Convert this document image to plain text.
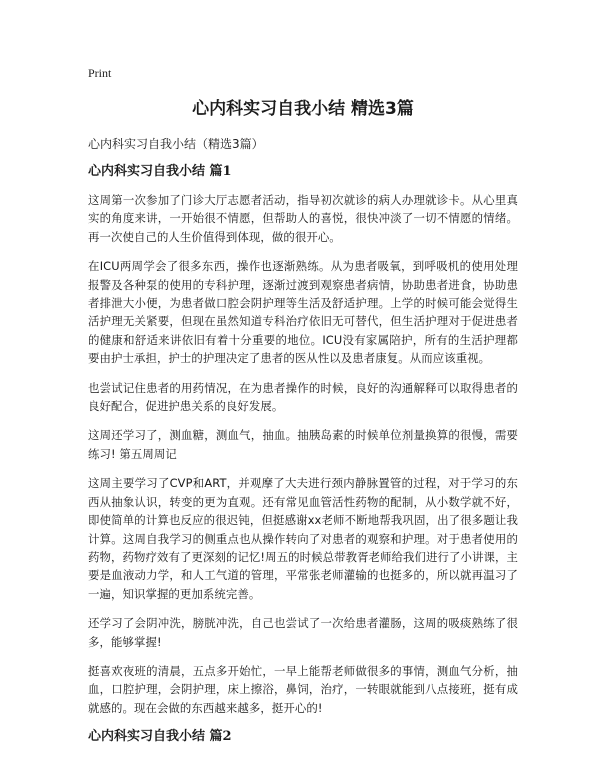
Print
心内科实习自我小结 精选3篇

心内科实习自我小结（精选3篇）

心内科实习自我小结 篇1

这周第一次参加了门诊大厅志愿者活动，指导初次就诊的病人办理就诊卡。从心里真实的角度来讲，一开始很不情愿，但帮助人的喜悦，很快冲淡了一切不情愿的情绪。再一次使自己的人生价值得到体现，做的很开心。

在ICU两周学会了很多东西，操作也逐渐熟练。从为患者吸氧，到呼吸机的使用处理报警及各种泵的使用的专科护理，逐渐过渡到观察患者病情，协助患者进食，协助患者排泄大小便，为患者做口腔会阴护理等生活及舒适护理。上学的时候可能会觉得生活护理无关紧要，但现在虽然知道专科治疗依旧无可替代，但生活护理对于促进患者的健康和舒适来讲依旧有着十分重要的地位。ICU没有家属陪护，所有的生活护理都要由护士承担，护士的护理决定了患者的医从性以及患者康复。从而应该重视。

也尝试记住患者的用药情况，在为患者操作的时候，良好的沟通解释可以取得患者的良好配合，促进护患关系的良好发展。

这周还学习了，测血糖，测血气，抽血。抽胰岛素的时候单位剂量换算的很慢，需要练习! 第五周周记

这周主要学习了CVP和ART，并观摩了大夫进行颈内静脉置管的过程，对于学习的东西从抽象认识，转变的更为直观。还有常见血管活性药物的配制，从小数学就不好，即使简单的计算也反应的很迟钝，但挺感谢xx老师不断地帮我巩固，出了很多题让我计算。这周自我学习的侧重点也从操作转向了对患者的观察和护理。对于患者使用的药物，药物疗效有了更深刻的记忆!周五的时候总带教胥老师给我们进行了小讲课，主要是血液动力学，和人工气道的管理，平常张老师灌输的也挺多的，所以就再温习了一遍，知识掌握的更加系统完善。

还学习了会阴冲洗，膀胱冲洗，自己也尝试了一次给患者灌肠，这周的吸痰熟练了很多，能够掌握!

挺喜欢夜班的清晨，五点多开始忙，一早上能帮老师做很多的事情，测血气分析，抽血，口腔护理，会阴护理，床上擦浴，鼻饲，治疗，一转眼就能到八点接班，挺有成就感的。现在会做的东西越来越多，挺开心的!

心内科实习自我小结 篇2
